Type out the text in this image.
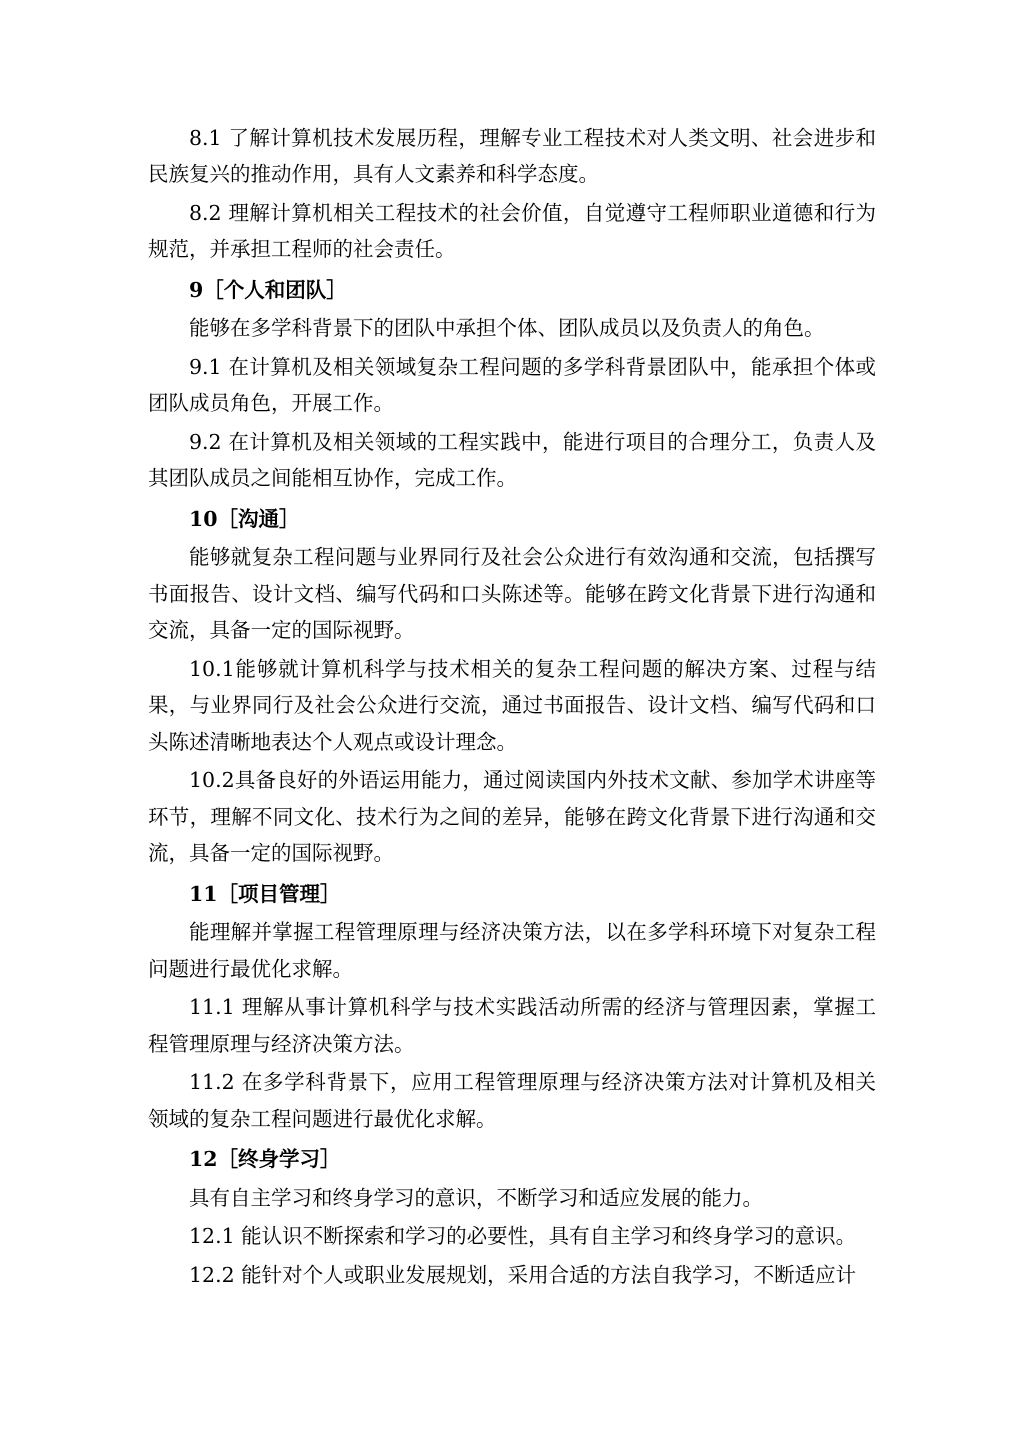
8.1 了解计算机技术发展历程，理解专业工程技术对人类文明、社会进步和民族复兴的推动作用，具有人文素养和科学态度。

8.2 理解计算机相关工程技术的社会价值，自觉遵守工程师职业道德和行为规范，并承担工程师的社会责任。

9［个人和团队］

能够在多学科背景下的团队中承担个体、团队成员以及负责人的角色。

9.1 在计算机及相关领域复杂工程问题的多学科背景团队中，能承担个体或团队成员角色，开展工作。

9.2 在计算机及相关领域的工程实践中，能进行项目的合理分工，负责人及其团队成员之间能相互协作，完成工作。

10［沟通］

能够就复杂工程问题与业界同行及社会公众进行有效沟通和交流，包括撰写书面报告、设计文档、编写代码和口头陈述等。能够在跨文化背景下进行沟通和交流，具备一定的国际视野。

10.1能够就计算机科学与技术相关的复杂工程问题的解决方案、过程与结果，与业界同行及社会公众进行交流，通过书面报告、设计文档、编写代码和口头陈述清晰地表达个人观点或设计理念。

10.2具备良好的外语运用能力，通过阅读国内外技术文献、参加学术讲座等环节，理解不同文化、技术行为之间的差异，能够在跨文化背景下进行沟通和交流，具备一定的国际视野。

11［项目管理］

能理解并掌握工程管理原理与经济决策方法，以在多学科环境下对复杂工程问题进行最优化求解。

11.1 理解从事计算机科学与技术实践活动所需的经济与管理因素，掌握工程管理原理与经济决策方法。

11.2 在多学科背景下，应用工程管理原理与经济决策方法对计算机及相关领域的复杂工程问题进行最优化求解。

12［终身学习］

具有自主学习和终身学习的意识，不断学习和适应发展的能力。

12.1 能认识不断探索和学习的必要性，具有自主学习和终身学习的意识。

12.2 能针对个人或职业发展规划，采用合适的方法自我学习，不断适应计
